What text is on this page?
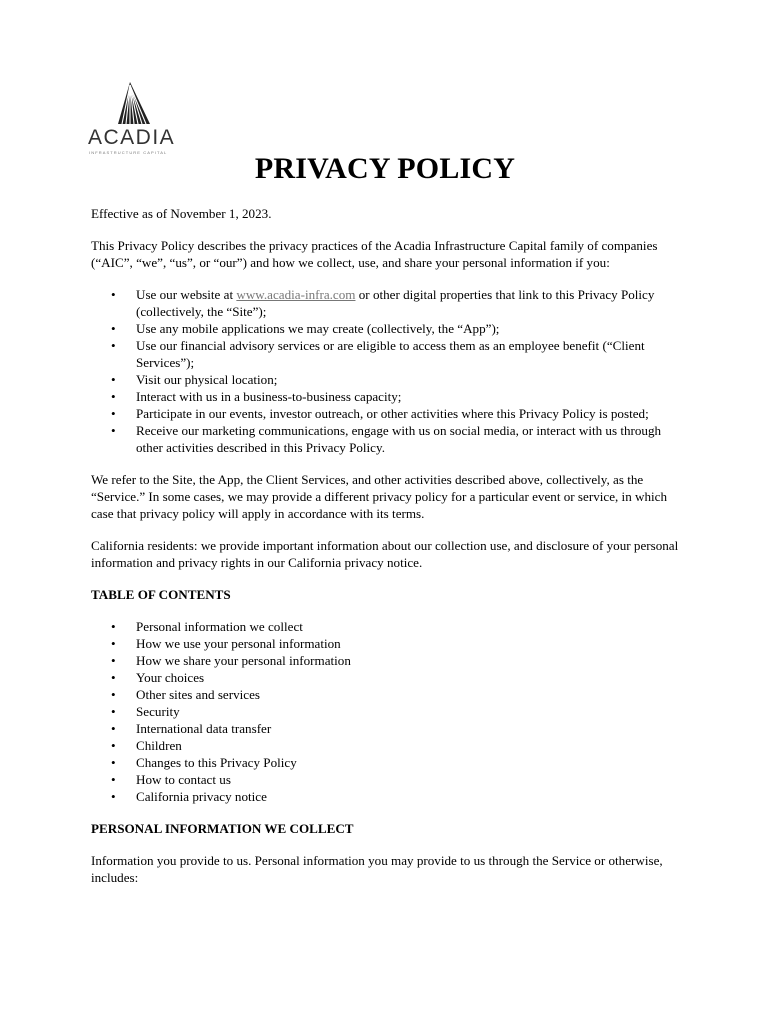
ACADIA
INFRASTRUCTURE CAPITAL	PRIVACY POLICY

Effective as of November 1, 2023.

This Privacy Policy describes the privacy practices of the Acadia Infrastructure Capital family of companies (“AIC”, “we”, “us”, or “our”) and how we collect, use, and share your personal information if you:

• Use our website at www.acadia-infra.com or other digital properties that link to this Privacy Policy (collectively, the “Site”);
• Use any mobile applications we may create (collectively, the “App”);
• Use our financial advisory services or are eligible to access them as an employee benefit (“Client Services”);
• Visit our physical location;
• Interact with us in a business-to-business capacity;
• Participate in our events, investor outreach, or other activities where this Privacy Policy is posted;
• Receive our marketing communications, engage with us on social media, or interact with us through other activities described in this Privacy Policy.

We refer to the Site, the App, the Client Services, and other activities described above, collectively, as the “Service.” In some cases, we may provide a different privacy policy for a particular event or service, in which case that privacy policy will apply in accordance with its terms.

California residents: we provide important information about our collection use, and disclosure of your personal information and privacy rights in our California privacy notice.

TABLE OF CONTENTS

• Personal information we collect
• How we use your personal information
• How we share your personal information
• Your choices
• Other sites and services
• Security
• International data transfer
• Children
• Changes to this Privacy Policy
• How to contact us
• California privacy notice

PERSONAL INFORMATION WE COLLECT

Information you provide to us. Personal information you may provide to us through the Service or otherwise, includes:
